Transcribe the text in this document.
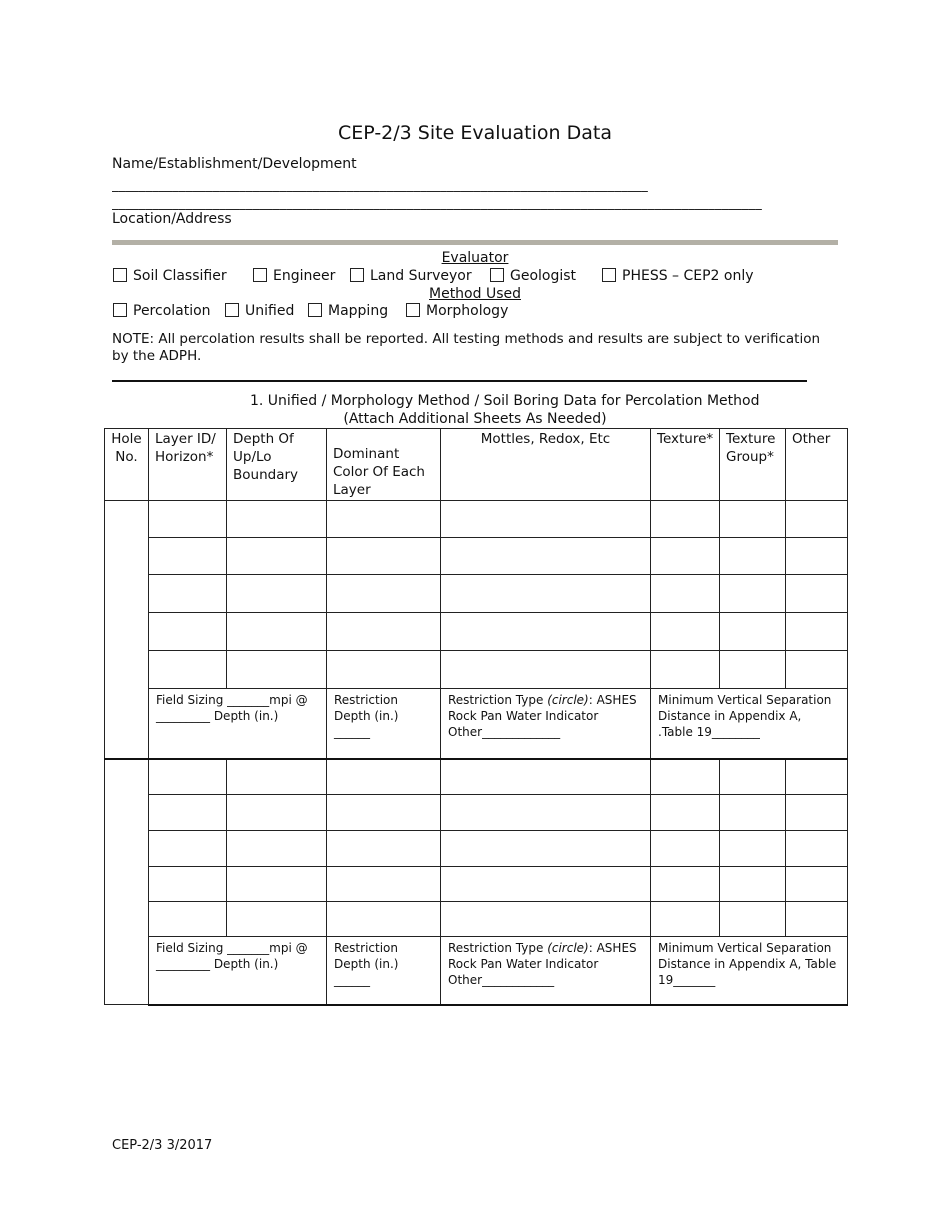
CEP-2/3 Site Evaluation Data
Name/Establishment/Development
________________________________________________________________________________
_________________________________________________________________________________________________
Location/Address
Evaluator
Soil Classifier	Engineer	Land Surveyor	Geologist	PHESS – CEP2 only
Method Used
Percolation	Unified	Mapping	Morphology
NOTE: All percolation results shall be reported. All testing methods and results are subject to verification by the ADPH.
1. Unified / Morphology Method / Soil Boring Data for Percolation Method
(Attach Additional Sheets As Needed)
Hole No.	Layer ID/ Horizon*	Depth Of Up/Lo Boundary	Dominant Color Of Each Layer	Mottles, Redox, Etc	Texture*	Texture Group*	Other

	Field Sizing _______mpi @ _________ Depth (in.)		Restriction Depth (in.) ______	Restriction Type (circle): ASHES Rock Pan Water Indicator Other_____________	Minimum Vertical Separation Distance in Appendix A, .Table 19________		

	Field Sizing _______mpi @ _________ Depth (in.)		Restriction Depth (in.) ______	Restriction Type (circle): ASHES Rock Pan Water Indicator Other____________	Minimum Vertical Separation Distance in Appendix A, Table 19_______		
CEP-2/3 3/2017
